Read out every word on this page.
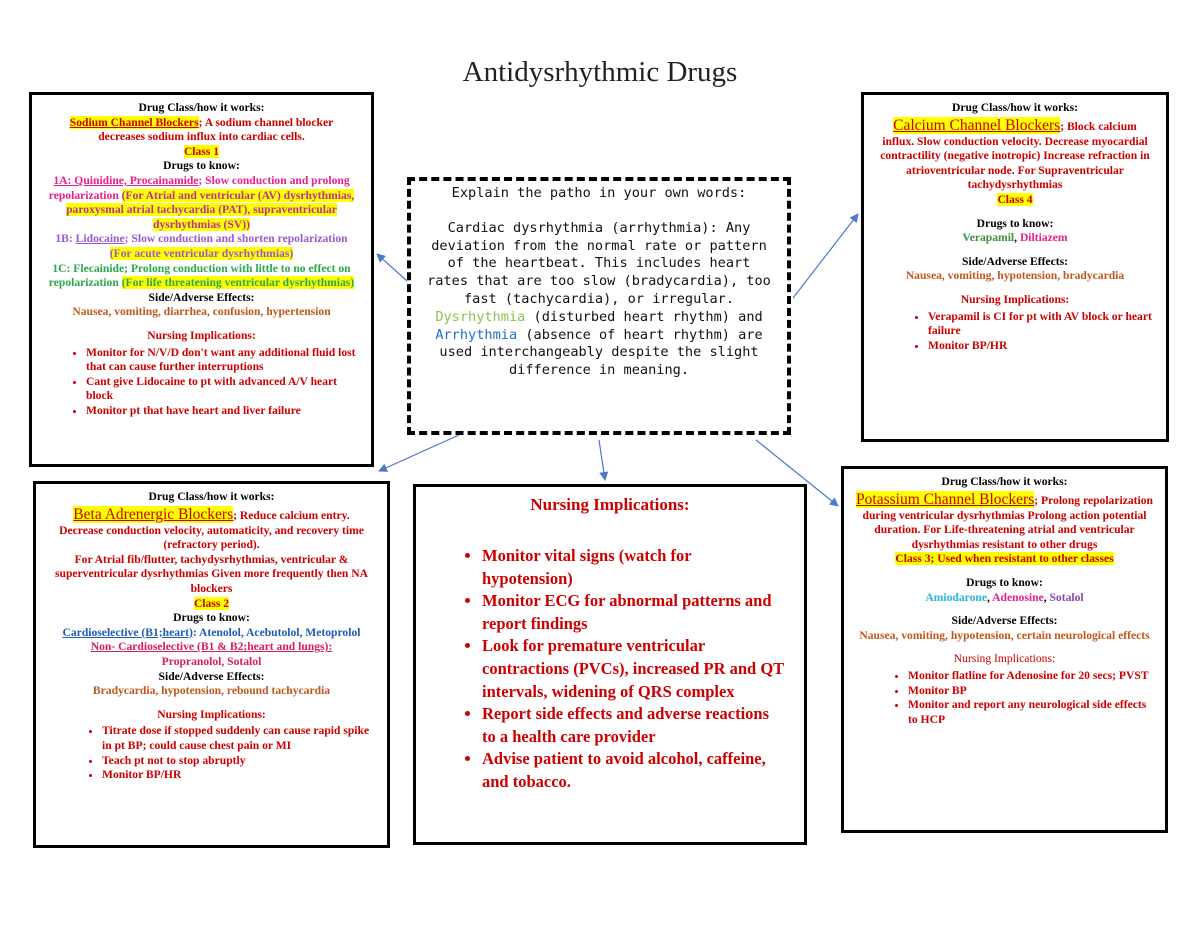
Antidysrhythmic Drugs

Drug Class/how it works:

Sodium Channel Blockers; A sodium channel blocker decreases sodium influx into cardiac cells.

Class 1

Drugs to know:

1A: Quinidine, Procainamide; Slow conduction and prolong repolarization (For Atrial and ventricular (AV) dysrhythmias, paroxysmal atrial tachycardia (PAT), supraventricular dysrhythmias (SV))

1B: Lidocaine; Slow conduction and shorten repolarization (For acute ventricular dysrhythmias)

1C: Flecainide; Prolong conduction with little to no effect on repolarization (For life threatening ventricular dysrhythmias)

Side/Adverse Effects:

Nausea, vomiting, diarrhea, confusion, hypertension

Nursing Implications:

• Monitor for N/V/D don't want any additional fluid lost that can cause further interruptions
• Cant give Lidocaine to pt with advanced A/V heart block
• Monitor pt that have heart and liver failure

Drug Class/how it works:

Calcium Channel Blockers; Block calcium influx. Slow conduction velocity. Decrease myocardial contractility (negative inotropic) Increase refraction in atrioventricular node. For Supraventricular tachydysrhythmias

Class 4

Drugs to know:

Verapamil, Diltiazem

Side/Adverse Effects:

Nausea, vomiting, hypotension, bradycardia

Nursing Implications:

• Verapamil is CI for pt with AV block or heart failure
• Monitor BP/HR

Explain the patho in your own words:

Cardiac dysrhythmia (arrhythmia): Any deviation from the normal rate or pattern of the heartbeat. This includes heart rates that are too slow (bradycardia), too fast (tachycardia), or irregular.

Dysrhythmia (disturbed heart rhythm) and Arrhythmia (absence of heart rhythm) are used interchangeably despite the slight difference in meaning.

Drug Class/how it works:

Beta Adrenergic Blockers; Reduce calcium entry. Decrease conduction velocity, automaticity, and recovery time (refractory period).

For Atrial fib/flutter, tachydysrhythmias, ventricular & superventricular dysrhythmias Given more frequently then NA blockers

Class 2

Drugs to know:

Cardioselective (B1;heart): Atenolol, Acebutolol, Metoprolol

Non- Cardioselective (B1 & B2;heart and lungs):

Propranolol, Sotalol

Side/Adverse Effects:

Bradycardia, hypotension, rebound tachycardia

Nursing Implications:

• Titrate dose if stopped suddenly can cause rapid spike in pt BP; could cause chest pain or MI
• Teach pt not to stop abruptly
• Monitor BP/HR
Nursing Implications:
• Monitor vital signs (watch for hypotension)
• Monitor ECG for abnormal patterns and report findings
• Look for premature ventricular contractions (PVCs), increased PR and QT intervals, widening of QRS complex
• Report side effects and adverse reactions to a health care provider
• Advise patient to avoid alcohol, caffeine, and tobacco.

Drug Class/how it works:

Potassium Channel Blockers; Prolong repolarization during ventricular dysrhythmias Prolong action potential duration. For Life-threatening atrial and ventricular dysrhythmias resistant to other drugs

Class 3; Used when resistant to other classes

Drugs to know:

Amiodarone, Adenosine, Sotalol

Side/Adverse Effects:

Nausea, vomiting, hypotension, certain neurological effects

Nursing Implications:

• Monitor flatline for Adenosine for 20 secs; PVST
• Monitor BP
• Monitor and report any neurological side effects to HCP
